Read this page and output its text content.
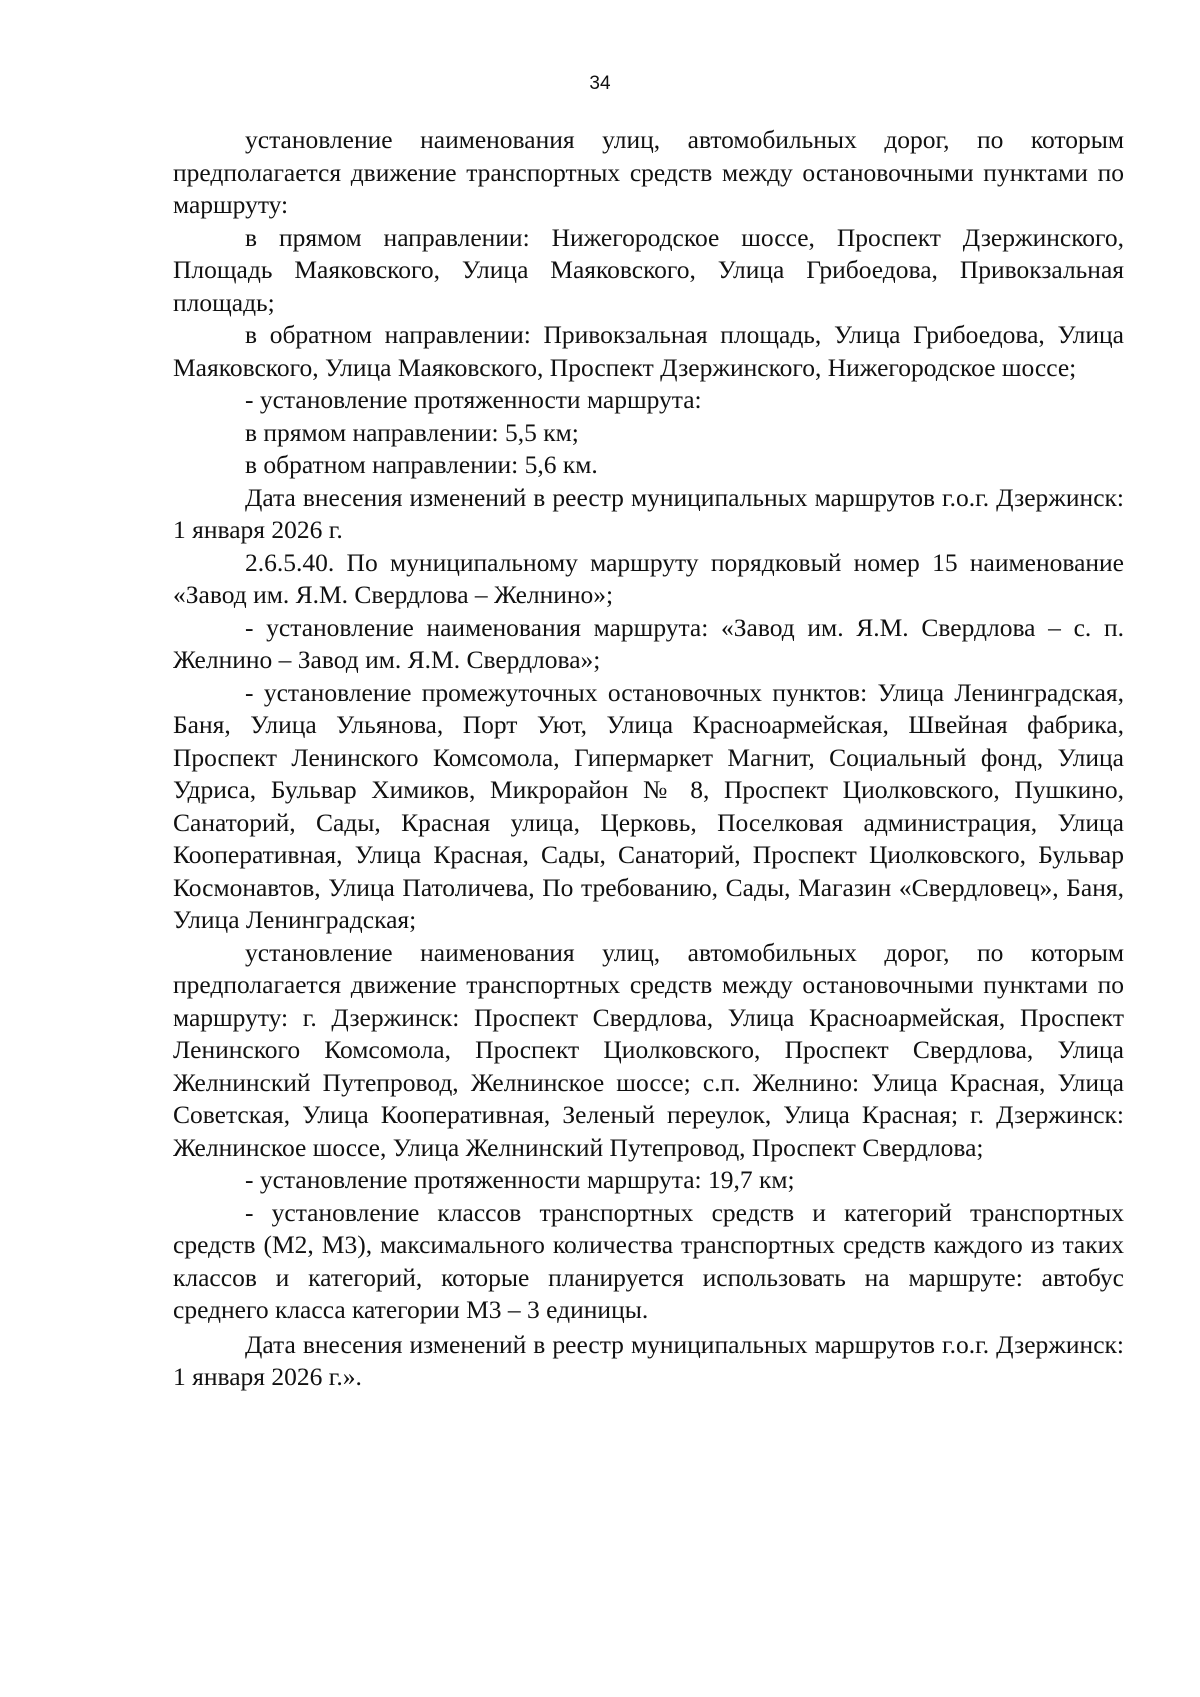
34

установление наименования улиц, автомобильных дорог, по которым предполагается движение транспортных средств между остановочными пунктами по маршруту:

в прямом направлении: Нижегородское шоссе, Проспект Дзержинского, Площадь Маяковского, Улица Маяковского, Улица Грибоедова, Привокзальная площадь;

в обратном направлении: Привокзальная площадь, Улица Грибоедова, Улица Маяковского, Улица Маяковского, Проспект Дзержинского, Нижегородское шоссе;

- установление протяженности маршрута:

в прямом направлении: 5,5 км;

в обратном направлении: 5,6 км.

Дата внесения изменений в реестр муниципальных маршрутов г.о.г. Дзержинск: 1 января 2026 г.

2.6.5.40. По муниципальному маршруту порядковый номер 15 наименование «Завод им. Я.М. Свердлова – Желнино»;

- установление наименования маршрута: «Завод им. Я.М. Свердлова – с. п. Желнино – Завод им. Я.М. Свердлова»;

- установление промежуточных остановочных пунктов: Улица Ленинградская, Баня, Улица Ульянова, Порт Уют, Улица Красноармейская, Швейная фабрика, Проспект Ленинского Комсомола, Гипермаркет Магнит, Социальный фонд, Улица Удриса, Бульвар Химиков, Микрорайон № 8, Проспект Циолковского, Пушкино, Санаторий, Сады, Красная улица, Церковь, Поселковая администрация, Улица Кооперативная, Улица Красная, Сады, Санаторий, Проспект Циолковского, Бульвар Космонавтов, Улица Патоличева, По требованию, Сады, Магазин «Свердловец», Баня, Улица Ленинградская;

установление наименования улиц, автомобильных дорог, по которым предполагается движение транспортных средств между остановочными пунктами по маршруту: г. Дзержинск: Проспект Свердлова, Улица Красноармейская, Проспект Ленинского Комсомола, Проспект Циолковского, Проспект Свердлова, Улица Желнинский Путепровод, Желнинское шоссе; с.п. Желнино: Улица Красная, Улица Советская, Улица Кооперативная, Зеленый переулок, Улица Красная; г. Дзержинск: Желнинское шоссе, Улица Желнинский Путепровод, Проспект Свердлова;

- установление протяженности маршрута: 19,7 км;

- установление классов транспортных средств и категорий транспортных средств (М2, М3), максимального количества транспортных средств каждого из таких классов и категорий, которые планируется использовать на маршруте: автобус среднего класса категории М3 – 3 единицы.

Дата внесения изменений в реестр муниципальных маршрутов г.о.г. Дзержинск: 1 января 2026 г.».
